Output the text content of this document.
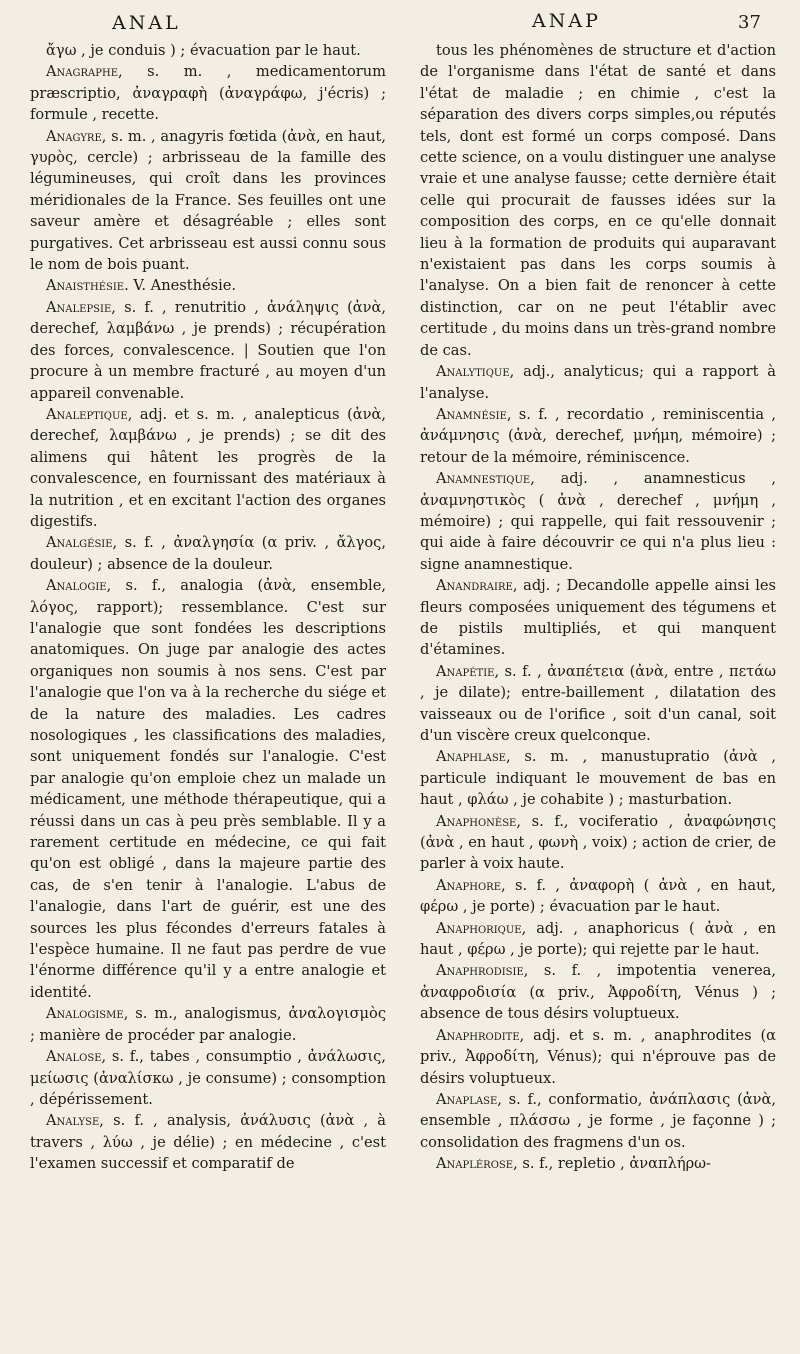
ANAL	ANAP	37

ἄγω , je conduis ) ; évacuation par le haut.

Anagraphe, s. m. , medicamentorum præscriptio, ἀναγραφὴ (ἀναγράφω, j'écris) ; formule , recette.

Anagyre, s. m. , anagyris fœtida (ἀνὰ, en haut, γυρὸς, cercle) ; arbrisseau de la famille des légumineuses, qui croît dans les provinces méridionales de la France. Ses feuilles ont une saveur amère et désagréable ; elles sont purgatives. Cet arbrisseau est aussi connu sous le nom de bois puant.

Anaisthésie. V. Anesthésie.

Analepsie, s. f. , renutritio , ἀνάληψις (ἀνὰ, derechef, λαμβάνω , je prends) ; récupération des forces, convalescence. | Soutien que l'on procure à un membre fracturé , au moyen d'un appareil convenable.

Analeptique, adj. et s. m. , analepticus (ἀνὰ, derechef, λαμβάνω , je prends) ; se dit des alimens qui hâtent les progrès de la convalescence, en fournissant des matériaux à la nutrition , et en excitant l'action des organes digestifs.

Analgésie, s. f. , ἀναλγησία (α priv. , ἄλγος, douleur) ; absence de la douleur.

Analogie, s. f., analogia (ἀνὰ, ensemble, λόγος, rapport); ressemblance. C'est sur l'analogie que sont fondées les descriptions anatomiques. On juge par analogie des actes organiques non soumis à nos sens. C'est par l'analogie que l'on va à la recherche du siége et de la nature des maladies. Les cadres nosologiques , les classifications des maladies, sont uniquement fondés sur l'analogie. C'est par analogie qu'on emploie chez un malade un médicament, une méthode thérapeutique, qui a réussi dans un cas à peu près semblable. Il y a rarement certitude en médecine, ce qui fait qu'on est obligé , dans la majeure partie des cas, de s'en tenir à l'analogie. L'abus de l'analogie, dans l'art de guérir, est une des sources les plus fécondes d'erreurs fatales à l'espèce humaine. Il ne faut pas perdre de vue l'énorme différence qu'il y a entre analogie et identité.

Analogisme, s. m., analogismus, ἀναλογισμὸς ; manière de procéder par analogie.

Analose, s. f., tabes , consumptio , ἀνάλωσις, μείωσις (ἀναλίσκω , je consume) ; consomption , dépérissement.

Analyse, s. f. , analysis, ἀνάλυσις (ἀνὰ , à travers , λύω , je délie) ; en médecine , c'est l'examen successif et comparatif de

tous les phénomènes de structure et d'action de l'organisme dans l'état de santé et dans l'état de maladie ; en chimie , c'est la séparation des divers corps simples,ou réputés tels, dont est formé un corps composé. Dans cette science, on a voulu distinguer une analyse vraie et une analyse fausse; cette dernière était celle qui procurait de fausses idées sur la composition des corps, en ce qu'elle donnait lieu à la formation de produits qui auparavant n'existaient pas dans les corps soumis à l'analyse. On a bien fait de renoncer à cette distinction, car on ne peut l'établir avec certitude , du moins dans un très-grand nombre de cas.

Analytique, adj., analyticus; qui a rapport à l'analyse.

Anamnésie, s. f. , recordatio , reminiscentia , ἀνάμνησις (ἀνὰ, derechef, μνήμη, mémoire) ; retour de la mémoire, réminiscence.

Anamnestique, adj. , anamnesticus , ἀναμνηστικὸς ( ἀνὰ , derechef , μνήμη , mémoire) ; qui rappelle, qui fait ressouvenir ; qui aide à faire découvrir ce qui n'a plus lieu : signe anamnestique.

Anandraire, adj. ; Decandolle appelle ainsi les fleurs composées uniquement des tégumens et de pistils multipliés, et qui manquent d'étamines.

Anapétie, s. f. , ἀναπέτεια (ἀνὰ, entre , πετάω , je dilate); entre-baillement , dilatation des vaisseaux ou de l'orifice , soit d'un canal, soit d'un viscère creux quelconque.

Anaphlase, s. m. , manustupratio (ἀνὰ , particule indiquant le mouvement de bas en haut , φλάω , je cohabite ) ; masturbation.

Anaphonèse, s. f., vociferatio , ἀναφώνησις (ἀνὰ , en haut , φωνὴ , voix) ; action de crier, de parler à voix haute.

Anaphore, s. f. , ἀναφορὴ ( ἀνὰ , en haut, φέρω , je porte) ; évacuation par le haut.

Anaphorique, adj. , anaphoricus ( ἀνὰ , en haut , φέρω , je porte); qui rejette par le haut.

Anaphrodisie, s. f. , impotentia venerea, ἀναφροδισία (α priv., Ἀφροδίτη, Vénus ) ; absence de tous désirs voluptueux.

Anaphrodite, adj. et s. m. , anaphrodites (α priv., Ἀφροδίτη, Vénus); qui n'éprouve pas de désirs voluptueux.

Anaplase, s. f., conformatio, ἀνάπλασις (ἀνὰ, ensemble , πλάσσω , je forme , je façonne ) ; consolidation des fragmens d'un os.

Anaplérose, s. f., repletio , ἀναπλήρω-
